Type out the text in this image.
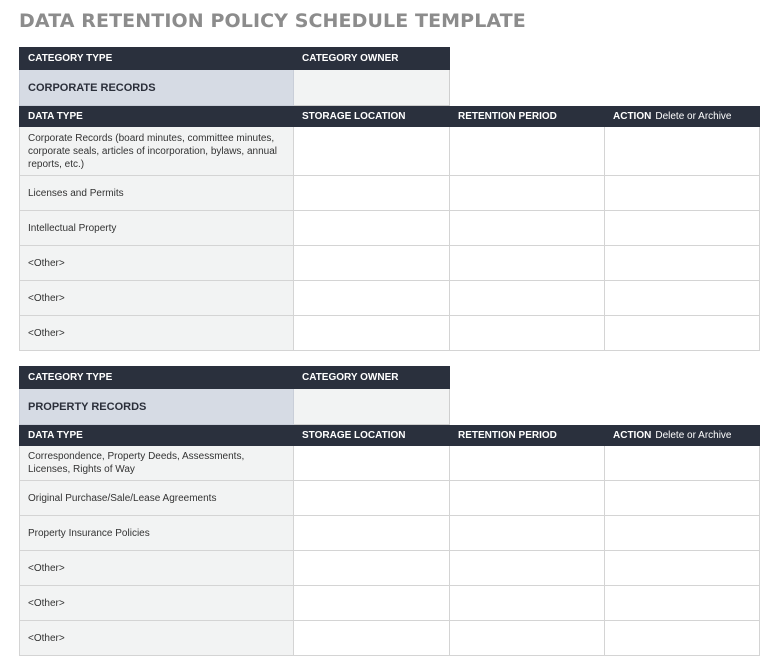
DATA RETENTION POLICY SCHEDULE TEMPLATE
CATEGORY TYPE	CATEGORY OWNER
CORPORATE RECORDS	
DATA TYPE	STORAGE LOCATION	RETENTION PERIOD	ACTION Delete or Archive
Corporate Records (board minutes, committee minutes, corporate seals, articles of incorporation, bylaws, annual reports, etc.)			
Licenses and Permits			
Intellectual Property			
<Other>			
<Other>			
<Other>			
CATEGORY TYPE	CATEGORY OWNER
PROPERTY RECORDS	
DATA TYPE	STORAGE LOCATION	RETENTION PERIOD	ACTION Delete or Archive
Correspondence, Property Deeds, Assessments, Licenses, Rights of Way			
Original Purchase/Sale/Lease Agreements			
Property Insurance Policies			
<Other>			
<Other>			
<Other>			
